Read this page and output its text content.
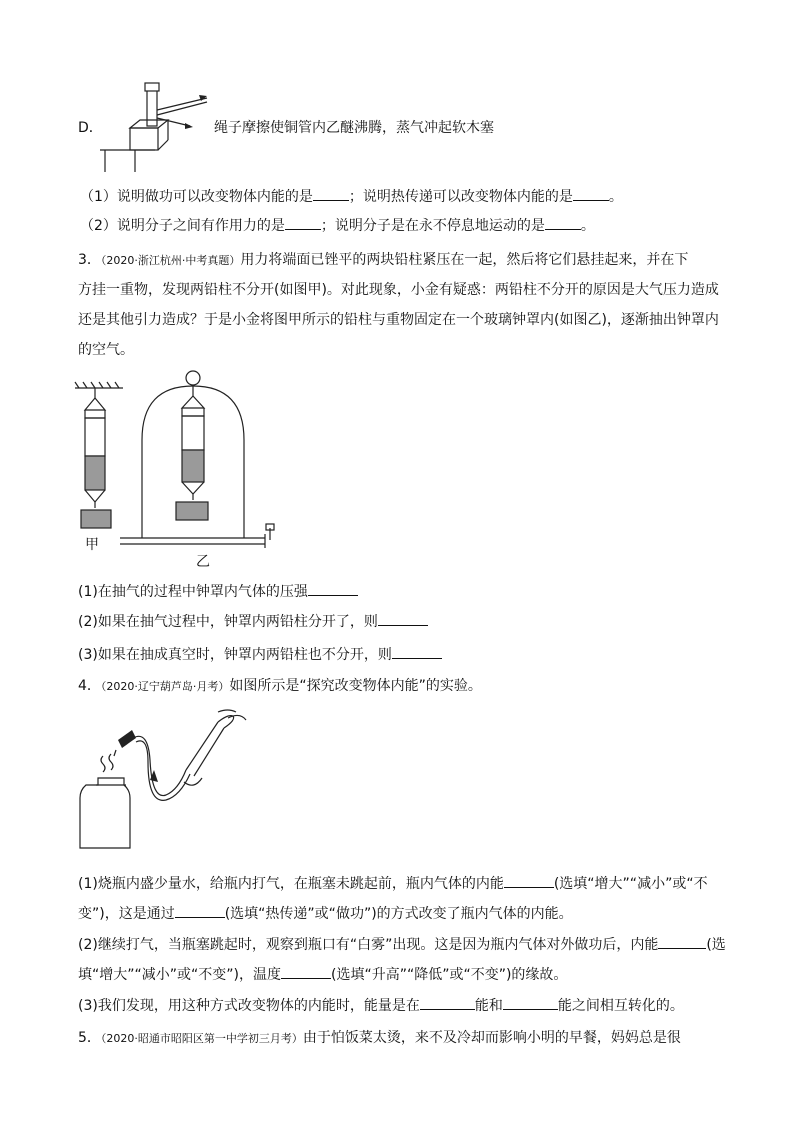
D．	绳子摩擦使铜管内乙醚沸腾，蒸气冲起软木塞
（1）说明做功可以改变物体内能的是	；说明热传递可以改变物体内能的是	。
（2）说明分子之间有作用力的是	；说明分子是在永不停息地运动的是	。
3．（2020·浙江杭州·中考真题）用力将端面已锉平的两块铅柱紧压在一起，然后将它们悬挂起来，并在下
方挂一重物，发现两铅柱不分开(如图甲)。对此现象，小金有疑惑：两铅柱不分开的原因是大气压力造成
还是其他引力造成？于是小金将图甲所示的铅柱与重物固定在一个玻璃钟罩内(如图乙)，逐渐抽出钟罩内
的空气。
甲
乙
(1)在抽气的过程中钟罩内气体的压强
(2)如果在抽气过程中，钟罩内两铅柱分开了，则
(3)如果在抽成真空时，钟罩内两铅柱也不分开，则
4．（2020·辽宁葫芦岛·月考）如图所示是“探究改变物体内能”的实验。
(1)烧瓶内盛少量水，给瓶内打气，在瓶塞未跳起前，瓶内气体的内能	(选填“增大”“减小”或“不
变”)，这是通过	(选填“热传递”或“做功”)的方式改变了瓶内气体的内能。
(2)继续打气，当瓶塞跳起时，观察到瓶口有“白雾”出现。这是因为瓶内气体对外做功后，内能	(选
填“增大”“减小”或“不变”)，温度	(选填“升高”“降低”或“不变”)的缘故。
(3)我们发现，用这种方式改变物体的内能时，能量是在	能和	能之间相互转化的。
5．（2020·昭通市昭阳区第一中学初三月考）由于怕饭菜太烫，来不及冷却而影响小明的早餐，妈妈总是很
